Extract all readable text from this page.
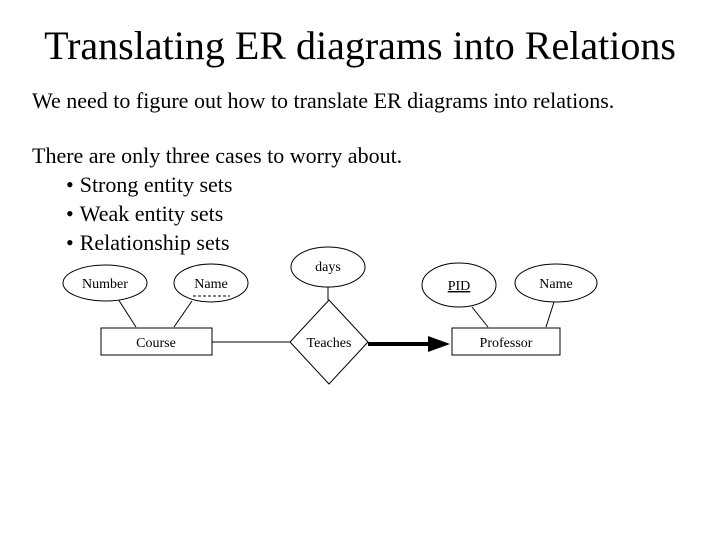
Translating ER diagrams into Relations
We need to figure out how to translate ER diagrams into relations.
There are only three cases to worry about.
• Strong entity sets
• Weak entity sets
• Relationship sets
Number	Name
days
PID	Name
Course	Professor
Teaches
